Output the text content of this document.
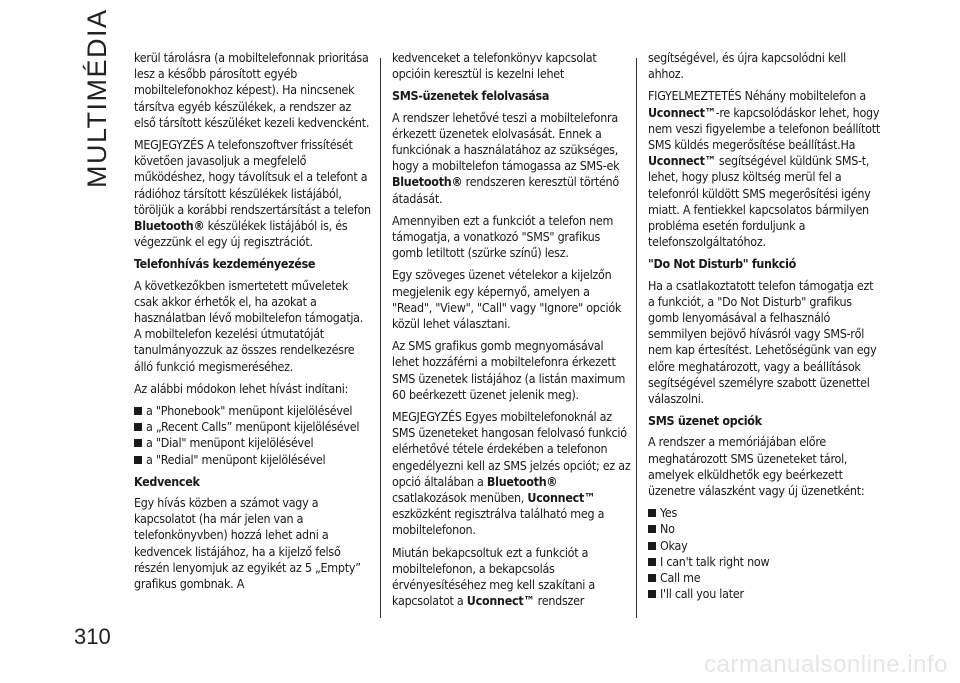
MULTIMÉDIA
310

kerül tárolásra (a mobiltelefonnak prioritása lesz a később párosított egyéb mobiltelefonokhoz képest). Ha nincsenek társítva egyéb készülékek, a rendszer az első társított készüléket kezeli kedvencként.

MEGJEGYZÉS A telefonszoftver frissítését követően javasoljuk a megfelelő működéshez, hogy távolítsuk el a telefont a rádióhoz társított készülékek listájából, töröljük a korábbi rendszertársítást a telefon Bluetooth® készülékek listájából is, és végezzünk el egy új regisztrációt.

Telefonhívás kezdeményezése

A következőkben ismertetett műveletek csak akkor érhetők el, ha azokat a használatban lévő mobiltelefon támogatja. A mobiltelefon kezelési útmutatóját tanulmányozzuk az összes rendelkezésre álló funkció megismeréséhez.

Az alábbi módokon lehet hívást indítani:

a "Phonebook" menüpont kijelölésével
a „Recent Calls” menüpont kijelölésével
a "Dial" menüpont kijelölésével
a "Redial" menüpont kijelölésével
Kedvencek

Egy hívás közben a számot vagy a kapcsolatot (ha már jelen van a telefonkönyvben) hozzá lehet adni a kedvencek listájához, ha a kijelző felső részén lenyomjuk az egyikét az 5 „Empty” grafikus gombnak. A

kedvenceket a telefonkönyv kapcsolat opcióin keresztül is kezelni lehet

SMS-üzenetek felolvasása

A rendszer lehetővé teszi a mobiltelefonra érkezett üzenetek elolvasását. Ennek a funkciónak a használatához az szükséges, hogy a mobiltelefon támogassa az SMS-ek Bluetooth® rendszeren keresztül történő átadását.

Amennyiben ezt a funkciót a telefon nem támogatja, a vonatkozó "SMS" grafikus gomb letiltott (szürke színű) lesz.

Egy szöveges üzenet vételekor a kijelzőn megjelenik egy képernyő, amelyen a "Read", "View", "Call" vagy "Ignore" opciók közül lehet választani.

Az SMS grafikus gomb megnyomásával lehet hozzáférni a mobiltelefonra érkezett SMS üzenetek listájához (a listán maximum 60 beérkezett üzenet jelenik meg).

MEGJEGYZÉS Egyes mobiltelefonoknál az SMS üzeneteket hangosan felolvasó funkció elérhetővé tétele érdekében a telefonon engedélyezni kell az SMS jelzés opciót; ez az opció általában a Bluetooth® csatlakozások menüben, Uconnect™ eszközként regisztrálva található meg a mobiltelefonon.

Miután bekapcsoltuk ezt a funkciót a mobiltelefonon, a bekapcsolás érvényesítéséhez meg kell szakítani a kapcsolatot a Uconnect™ rendszer

segítségével, és újra kapcsolódni kell ahhoz.

FIGYELMEZTETÉS Néhány mobiltelefon a Uconnect™-re kapcsolódáskor lehet, hogy nem veszi figyelembe a telefonon beállított SMS küldés megerősítése beállítást.Ha Uconnect™ segítségével küldünk SMS-t, lehet, hogy plusz költség merül fel a telefonról küldött SMS megerősítési igény miatt. A fentiekkel kapcsolatos bármilyen probléma esetén forduljunk a telefonszolgáltatóhoz.

"Do Not Disturb" funkció

Ha a csatlakoztatott telefon támogatja ezt a funkciót, a "Do Not Disturb" grafikus gomb lenyomásával a felhasználó semmilyen bejövő hívásról vagy SMS-ről nem kap értesítést. Lehetőségünk van egy előre meghatározott, vagy a beállítások segítségével személyre szabott üzenettel válaszolni.

SMS üzenet opciók

A rendszer a memóriájában előre meghatározott SMS üzeneteket tárol, amelyek elküldhetők egy beérkezett üzenetre válaszként vagy új üzenetként:

Yes
No
Okay
I can't talk right now
Call me
I'll call you later
carmanualsonline.info
